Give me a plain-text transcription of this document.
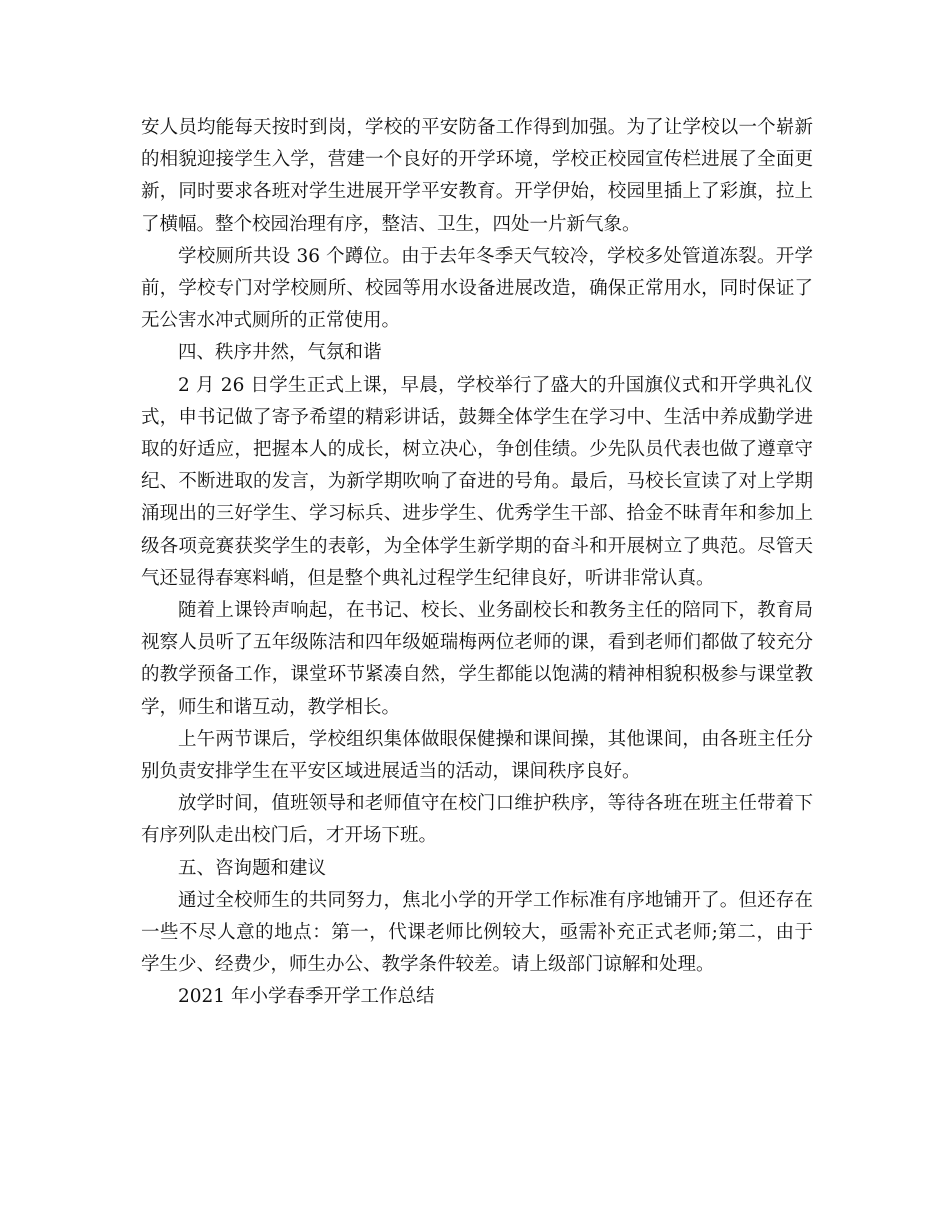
安人员均能每天按时到岗，学校的平安防备工作得到加强。为了让学校以一个崭新的相貌迎接学生入学，营建一个良好的开学环境，学校正校园宣传栏进展了全面更新，同时要求各班对学生进展开学平安教育。开学伊始，校园里插上了彩旗，拉上了横幅。整个校园治理有序，整洁、卫生，四处一片新气象。

学校厕所共设 36 个蹲位。由于去年冬季天气较冷，学校多处管道冻裂。开学前，学校专门对学校厕所、校园等用水设备进展改造，确保正常用水，同时保证了无公害水冲式厕所的正常使用。

四、秩序井然，气氛和谐

2 月 26 日学生正式上课，早晨，学校举行了盛大的升国旗仪式和开学典礼仪式，申书记做了寄予希望的精彩讲话，鼓舞全体学生在学习中、生活中养成勤学进取的好适应，把握本人的成长，树立决心，争创佳绩。少先队员代表也做了遵章守纪、不断进取的发言，为新学期吹响了奋进的号角。最后，马校长宣读了对上学期涌现出的三好学生、学习标兵、进步学生、优秀学生干部、拾金不昧青年和参加上级各项竞赛获奖学生的表彰，为全体学生新学期的奋斗和开展树立了典范。尽管天气还显得春寒料峭，但是整个典礼过程学生纪律良好，听讲非常认真。

随着上课铃声响起，在书记、校长、业务副校长和教务主任的陪同下，教育局视察人员听了五年级陈洁和四年级姬瑞梅两位老师的课，看到老师们都做了较充分的教学预备工作，课堂环节紧凑自然，学生都能以饱满的精神相貌积极参与课堂教学，师生和谐互动，教学相长。

上午两节课后，学校组织集体做眼保健操和课间操，其他课间，由各班主任分别负责安排学生在平安区域进展适当的活动，课间秩序良好。

放学时间，值班领导和老师值守在校门口维护秩序，等待各班在班主任带着下有序列队走出校门后，才开场下班。

五、咨询题和建议

通过全校师生的共同努力，焦北小学的开学工作标准有序地铺开了。但还存在一些不尽人意的地点：第一，代课老师比例较大，亟需补充正式老师;第二，由于学生少、经费少，师生办公、教学条件较差。请上级部门谅解和处理。

2021 年小学春季开学工作总结
